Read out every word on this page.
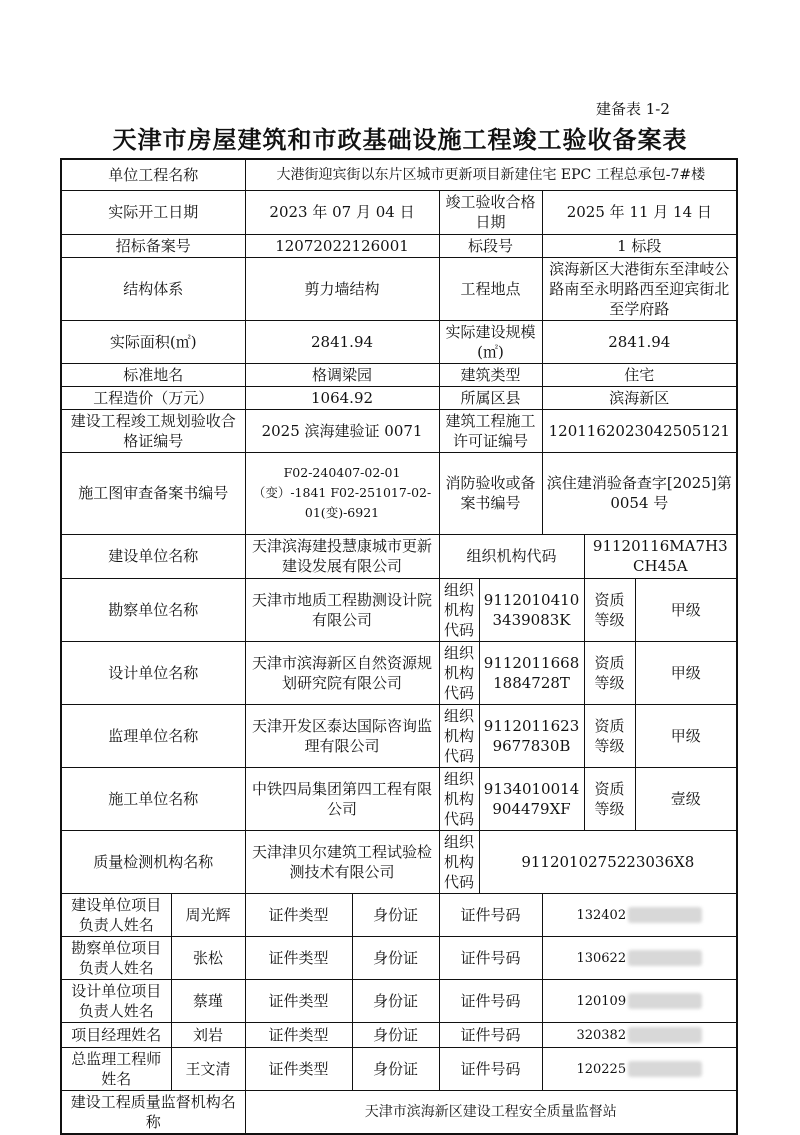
建备表 1-2
天津市房屋建筑和市政基础设施工程竣工验收备案表
单位工程名称		大港街迎宾街以东片区城市更新项目新建住宅 EPC 工程总承包-7#楼						
实际开工日期		2023 年 07 月 04 日		竣工验收合格日期		2025 年 11 月 14 日		
招标备案号		12072022126001		标段号		1 标段		
结构体系		剪力墙结构		工程地点		滨海新区大港街东至津岐公路南至永明路西至迎宾街北至学府路		
实际面积(㎡)		2841.94		实际建设规模(㎡)		2841.94		
标准地名		格调梁园		建筑类型		住宅		
工程造价（万元）		1064.92		所属区县		滨海新区		
建设工程竣工规划验收合格证编号		2025 滨海建验证 0071		建筑工程施工许可证编号		12011620230425051​21		
施工图审查备案书编号		F02-240407-02-01（变）-1841 F02-251017-02-01(变)-6921		消防验收或备案书编号		滨住建消验备查字[2025]第 0054 号		
建设单位名称		天津滨海建投慧康城市更新建设发展有限公司		组织机构代码			91120116MA7H3CH45A	
勘察单位名称		天津市地质工程勘测设计院有限公司		组织机构代码	91120104103439083K		资质等级	甲级
设计单位名称		天津市滨海新区自然资源规划研究院有限公司		组织机构代码	91120116681884728T		资质等级	甲级
监理单位名称		天津开发区泰达国际咨询监理有限公司		组织机构代码	91120116239677830B		资质等级	甲级
施工单位名称		中铁四局集团第四工程有限公司		组织机构代码	91340100149044​79XF		资质等级	壹级
质量检测机构名称		天津津贝尔建筑工程试验检测技术有限公司		组织机构代码	9112010275223036X8			
建设单位项目负责人姓名	周光辉	证件类型	身份证	证件号码		132402		
勘察单位项目负责人姓名	张松	证件类型	身份证	证件号码		130622		
设计单位项目负责人姓名	蔡瑾	证件类型	身份证	证件号码		120109		
项目经理姓名	刘岩	证件类型	身份证	证件号码		320382		
总监理工程师姓名	王文清	证件类型	身份证	证件号码		120225		
建设工程质量监督机构名称		天津市滨海新区建设工程安全质量监督站						
